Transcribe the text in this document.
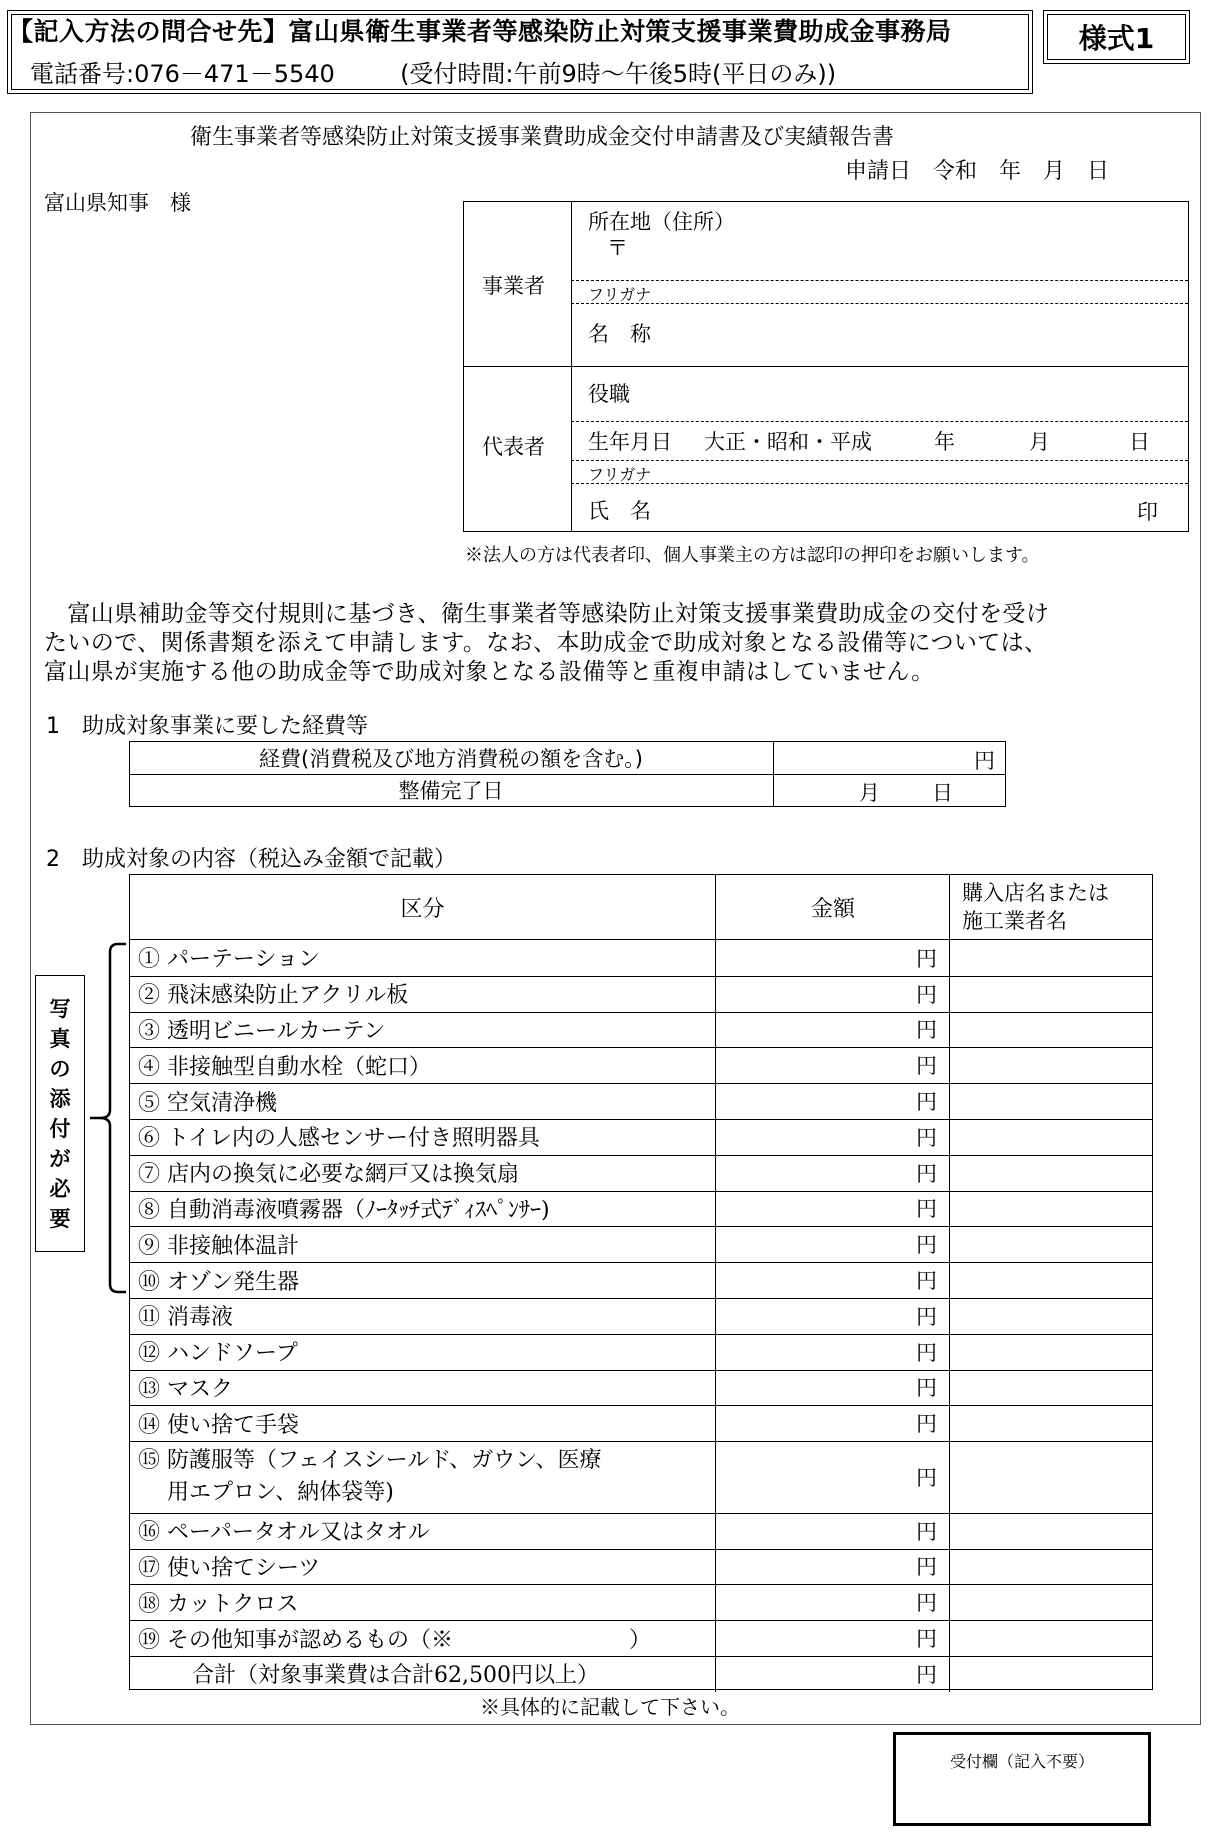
【記入方法の問合せ先】富山県衛生事業者等感染防止対策支援事業費助成金事務局
電話番号:076－471－5540	(受付時間:午前9時～午後5時(平日のみ))
様式1
衛生事業者等感染防止対策支援事業費助成金交付申請書及び実績報告書
申請日　令和　年　月　日
富山県知事　様
事業者
所在地（住所）
〒
フリガナ
名　称
代表者
役職
生年月日 大正・昭和・平成	年	月	日
フリガナ
氏　名	印
※法人の方は代表者印、個人事業主の方は認印の押印をお願いします。
　富山県補助金等交付規則に基づき、衛生事業者等感染防止対策支援事業費助成金の交付を受け
たいので、関係書類を添えて申請します。なお、本助成金で助成対象となる設備等については、
富山県が実施する他の助成金等で助成対象となる設備等と重複申請はしていません。
1　助成対象事業に要した経費等
経費(消費税及び地方消費税の額を含む。)	円
整備完了日	月 日
2　助成対象の内容（税込み金額で記載）
写
真
の
添
付
が
必
要
区分	金額
購入店名または
施工業者名
① パーテーション	円
② 飛沫感染防止アクリル板	円
③ 透明ビニールカーテン	円
④ 非接触型自動水栓（蛇口）	円
⑤ 空気清浄機	円
⑥ トイレ内の人感センサー付き照明器具	円
⑦ 店内の換気に必要な網戸又は換気扇	円
⑧ 自動消毒液噴霧器（ﾉｰﾀｯﾁ式ﾃﾞｨｽﾍﾟﾝｻｰ)	円
⑨ 非接触体温計	円
⑩ オゾン発生器	円
⑪ 消毒液	円
⑫ ハンドソープ	円
⑬ マスク	円
⑭ 使い捨て手袋	円
⑮ 防護服等（フェイスシールド、ガウン、医療
　 用エプロン、納体袋等)
円
⑯ ペーパータオル又はタオル	円
⑰ 使い捨てシーツ	円
⑱ カットクロス	円
⑲ その他知事が認めるもの（※　　　　　　　　）	円
合計（対象事業費は合計62,500円以上）	円
※具体的に記載して下さい。
受付欄（記入不要）
